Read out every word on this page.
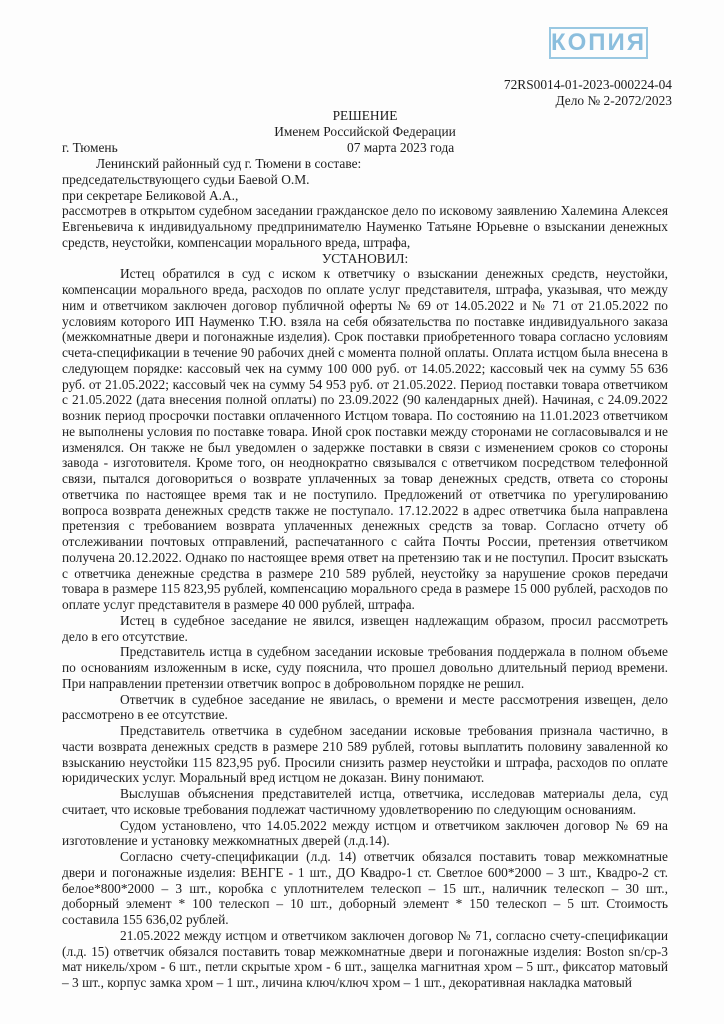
КОПИЯ
72RS0014-01-2023-000224-04
Дело № 2-2072/2023
РЕШЕНИЕ
Именем Российской Федерации
г. Тюмень	07 марта 2023 года

Ленинский районный суд г. Тюмени в составе:

председательствующего судьи Баевой О.М.

при секретаре Беликовой А.А.,

рассмотрев в открытом судебном заседании гражданское дело по исковому заявлению Халемина Алексея Евгеньевича к индивидуальному предпринимателю Науменко Татьяне Юрьевне о взыскании денежных средств, неустойки, компенсации морального вреда, штрафа,

УСТАНОВИЛ:

Истец обратился в суд с иском к ответчику о взыскании денежных средств, неустойки, компенсации морального вреда, расходов по оплате услуг представителя, штрафа, указывая, что между ним и ответчиком заключен договор публичной оферты № 69 от 14.05.2022 и № 71 от 21.05.2022 по условиям которого ИП Науменко Т.Ю. взяла на себя обязательства по поставке индивидуального заказа (межкомнатные двери и погонажные изделия). Срок поставки приобретенного товара согласно условиям счета-спецификации в течение 90 рабочих дней с момента полной оплаты. Оплата истцом была внесена в следующем порядке: кассовый чек на сумму 100 000 руб. от 14.05.2022; кассовый чек на сумму 55 636 руб. от 21.05.2022; кассовый чек на сумму 54 953 руб. от 21.05.2022. Период поставки товара ответчиком с 21.05.2022 (дата внесения полной оплаты) по 23.09.2022 (90 календарных дней). Начиная, с 24.09.2022 возник период просрочки поставки оплаченного Истцом товара. По состоянию на 11.01.2023 ответчиком не выполнены условия по поставке товара. Иной срок поставки между сторонами не согласовывался и не изменялся. Он также не был уведомлен о задержке поставки в связи с изменением сроков со стороны завода - изготовителя. Кроме того, он неоднократно связывался с ответчиком посредством телефонной связи, пытался договориться о возврате уплаченных за товар денежных средств, ответа со стороны ответчика по настоящее время так и не поступило. Предложений от ответчика по урегулированию вопроса возврата денежных средств также не поступало. 17.12.2022 в адрес ответчика была направлена претензия с требованием возврата уплаченных денежных средств за товар. Согласно отчету об отслеживании почтовых отправлений, распечатанного с сайта Почты России, претензия ответчиком получена 20.12.2022. Однако по настоящее время ответ на претензию так и не поступил. Просит взыскать с ответчика денежные средства в размере 210 589 рублей, неустойку за нарушение сроков передачи товара в размере 115 823,95 рублей, компенсацию морального среда в размере 15 000 рублей, расходов по оплате услуг представителя в размере 40 000 рублей, штрафа.

Истец в судебное заседание не явился, извещен надлежащим образом, просил рассмотреть дело в его отсутствие.

Представитель истца в судебном заседании исковые требования поддержала в полном объеме по основаниям изложенным в иске, суду пояснила, что прошел довольно длительный период времени. При направлении претензии ответчик вопрос в добровольном порядке не решил.

Ответчик в судебное заседание не явилась, о времени и месте рассмотрения извещен, дело рассмотрено в ее отсутствие.

Представитель ответчика в судебном заседании исковые требования признала частично, в части возврата денежных средств в размере 210 589 рублей, готовы выплатить половину заваленной ко взысканию неустойки 115 823,95 руб. Просили снизить размер неустойки и штрафа, расходов по оплате юридических услуг. Моральный вред истцом не доказан. Вину понимают.

Выслушав объяснения представителей истца, ответчика, исследовав материалы дела, суд считает, что исковые требования подлежат частичному удовлетворению по следующим основаниям.

Судом установлено, что 14.05.2022 между истцом и ответчиком заключен договор № 69 на изготовление и установку межкомнатных дверей (л.д.14).

Согласно счету-спецификации (л.д. 14) ответчик обязался поставить товар межкомнатные двери и погонажные изделия: ВЕНГЕ - 1 шт., ДО Квадро-1 ст. Светлое 600*2000 – 3 шт., Квадро-2 ст. белое*800*2000 – 3 шт., коробка с уплотнителем телескоп – 15 шт., наличник телескоп – 30 шт., доборный элемент * 100 телескоп – 10 шт., доборный элемент * 150 телескоп – 5 шт. Стоимость составила 155 636,02 рублей.

21.05.2022 между истцом и ответчиком заключен договор № 71, согласно счету-спецификации (л.д. 15) ответчик обязался поставить товар межкомнатные двери и погонажные изделия: Boston sn/cp-3 мат никель/хром - 6 шт., петли скрытые хром - 6 шт., защелка магнитная хром – 5 шт., фиксатор матовый – 3 шт., корпус замка хром – 1 шт., личина ключ/ключ хром – 1 шт., декоративная накладка матовый
